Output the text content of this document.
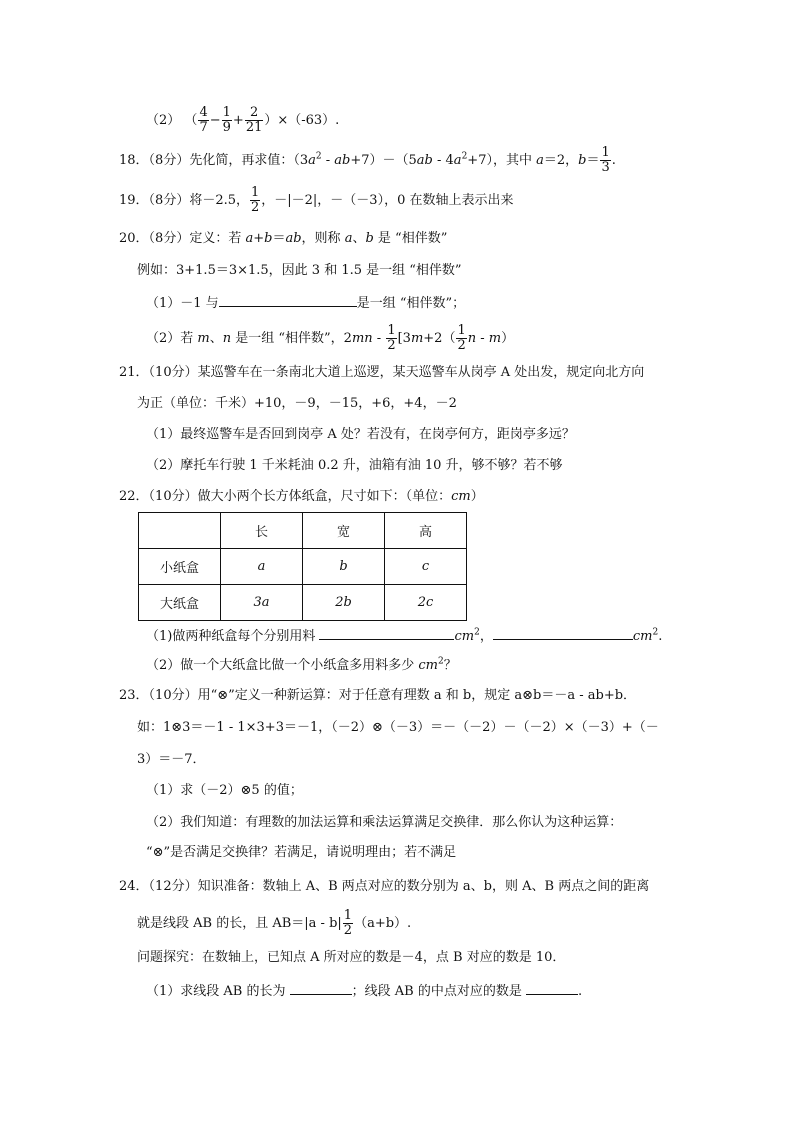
（2） （ $\frac{4}{7} - \frac{1}{9} + \frac{2}{21} )\times(-63)$.
18．（8分）先化简，再求值：$(3a^2 - ab+7)-(5ab - 4a^2+7)$，其中 a＝2，$b= \frac{1}{3}$ .
19．（8分）将－2.5， $\frac{1}{2}$ ，－|－2|，－（－3），0 在数轴上表示出来
20．（8分）定义：若 a+b＝ab，则称 a、b 是 “相伴数”
例如：3+1.5＝3×1.5，因此 3 和 1.5 是一组 “相伴数”
（1）－1 与	是一组 “相伴数”；
（2）若 m、n 是一组 “相伴数”，$2mn - \frac{1}{2} [3m+2( \frac{1}{2}$ n - m）
21．（10分）某巡警车在一条南北大道上巡逻，某天巡警车从岗亭 A 处出发，规定向北方向
为正（单位：千米）+10，－9，－15，+6，+4，－2
（1）最终巡警车是否回到岗亭 A 处？若没有，在岗亭何方，距岗亭多远？
（2）摩托车行驶 1 千米耗油 0.2 升，油箱有油 10 升，够不够？若不够
22．（10分）做大小两个长方体纸盒，尺寸如下：（单位：cm）
	长	宽	高
小纸盒	a	b	c
大纸盒	3a	2b	2c
（1)做两种纸盒每个分别用料	$cm^2$，	$cm^2$.
（2）做一个大纸盒比做一个小纸盒多用料多少 $cm^2$？
23．（10分）用“⊗”定义一种新运算：对于任意有理数 a 和 b，规定 a⊗b＝－a - ab+b．
如：1⊗3＝－1 - 1×3+3＝－1，（－2）⊗（－3）＝－（－2）－（－2）×（－3）+（－
3）＝－7．
（1）求（－2）⊗5 的值；
（2）我们知道：有理数的加法运算和乘法运算满足交换律．那么你认为这种运算：
“⊗”是否满足交换律？若满足，请说明理由；若不满足
24．（12分）知识准备：数轴上 A、B 两点对应的数分别为 a、b，则 A、B 两点之间的距离
就是线段 AB 的长，且 $AB=|a - b| \frac{1}{2} (a+b)$.
问题探究：在数轴上，已知点 A 所对应的数是－4，点 B 对应的数是 10．
（1）求线段 AB 的长为	；线段 AB 的中点对应的数是	.
